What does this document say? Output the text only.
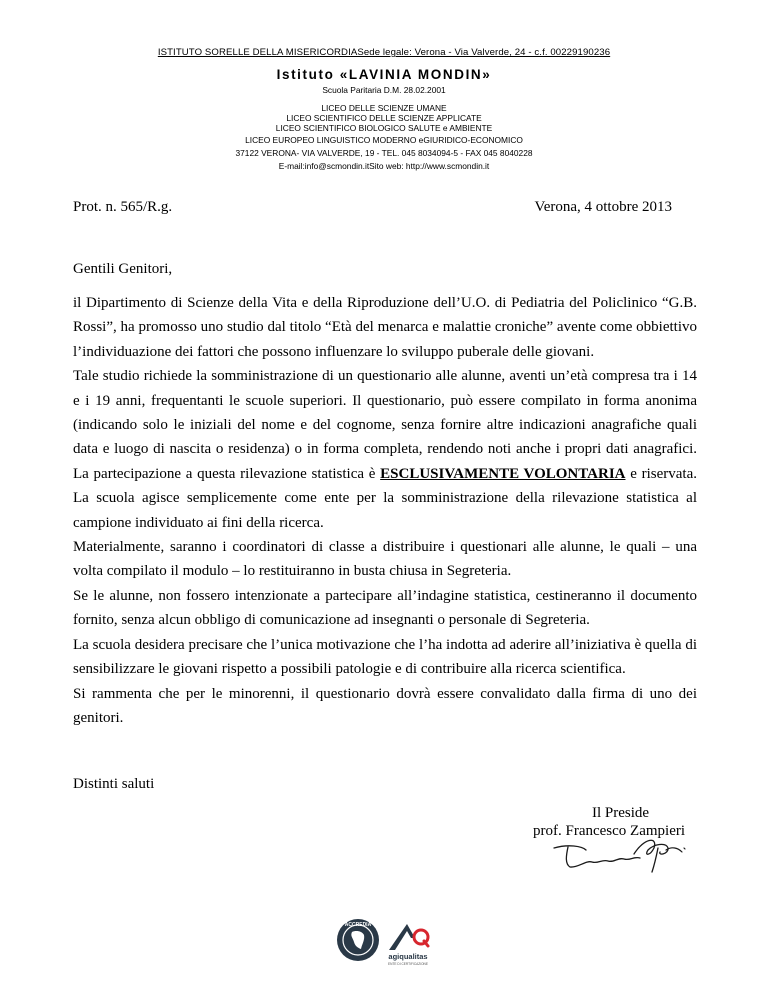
ISTITUTO SORELLE DELLA MISERICORDIASede legale: Verona - Via Valverde, 24 - c.f. 00229190236
Istituto «LAVINIA MONDIN»
Scuola Paritaria D.M. 28.02.2001
LICEO DELLE SCIENZE UMANE
LICEO SCIENTIFICO DELLE SCIENZE APPLICATE
LICEO SCIENTIFICO BIOLOGICO SALUTE e AMBIENTE
LICEO EUROPEO LINGUISTICO MODERNO eGIURIDICO-ECONOMICO
37122 VERONA- VIA VALVERDE, 19 - TEL. 045 8034094-5 - FAX 045 8040228
E-mail:info@scmondin.itSito web: http://www.scmondin.it
Prot. n. 565/R.g.	Verona, 4 ottobre 2013
Gentili Genitori,

il Dipartimento di Scienze della Vita e della Riproduzione dell’U.O. di Pediatria del Policlinico “G.B. Rossi”, ha promosso uno studio dal titolo “Età del menarca e malattie croniche” avente come obbiettivo l’individuazione dei fattori che possono influenzare lo sviluppo puberale delle giovani.

Tale studio richiede la somministrazione di un questionario alle alunne, aventi un’età compresa tra i 14 e i 19 anni, frequentanti le scuole superiori. Il questionario, può essere compilato in forma anonima (indicando solo le iniziali del nome e del cognome, senza fornire altre indicazioni anagrafiche quali data e luogo di nascita o residenza) o in forma completa, rendendo noti anche i propri dati anagrafici. La partecipazione a questa rilevazione statistica è ESCLUSIVAMENTE VOLONTARIA e riservata. La scuola agisce semplicemente come ente per la somministrazione della rilevazione statistica al campione individuato ai fini della ricerca.

Materialmente, saranno i coordinatori di classe a distribuire i questionari alle alunne, le quali – una volta compilato il modulo – lo restituiranno in busta chiusa in Segreteria.

Se le alunne, non fossero intenzionate a partecipare all’indagine statistica, cestineranno il documento fornito, senza alcun obbligo di comunicazione ad insegnanti o personale di Segreteria.

La scuola desidera precisare che l’unica motivazione che l’ha indotta ad aderire all’iniziativa è quella di sensibilizzare le giovani rispetto a possibili patologie e di contribuire alla ricerca scientifica.

Si rammenta che per le minorenni, il questionario dovrà essere convalidato dalla firma di uno dei genitori.

Distinti saluti
Il Preside
prof. Francesco Zampieri
ACCREDIA
agiqualitas
ENTE DI CERTIFICAZIONE
